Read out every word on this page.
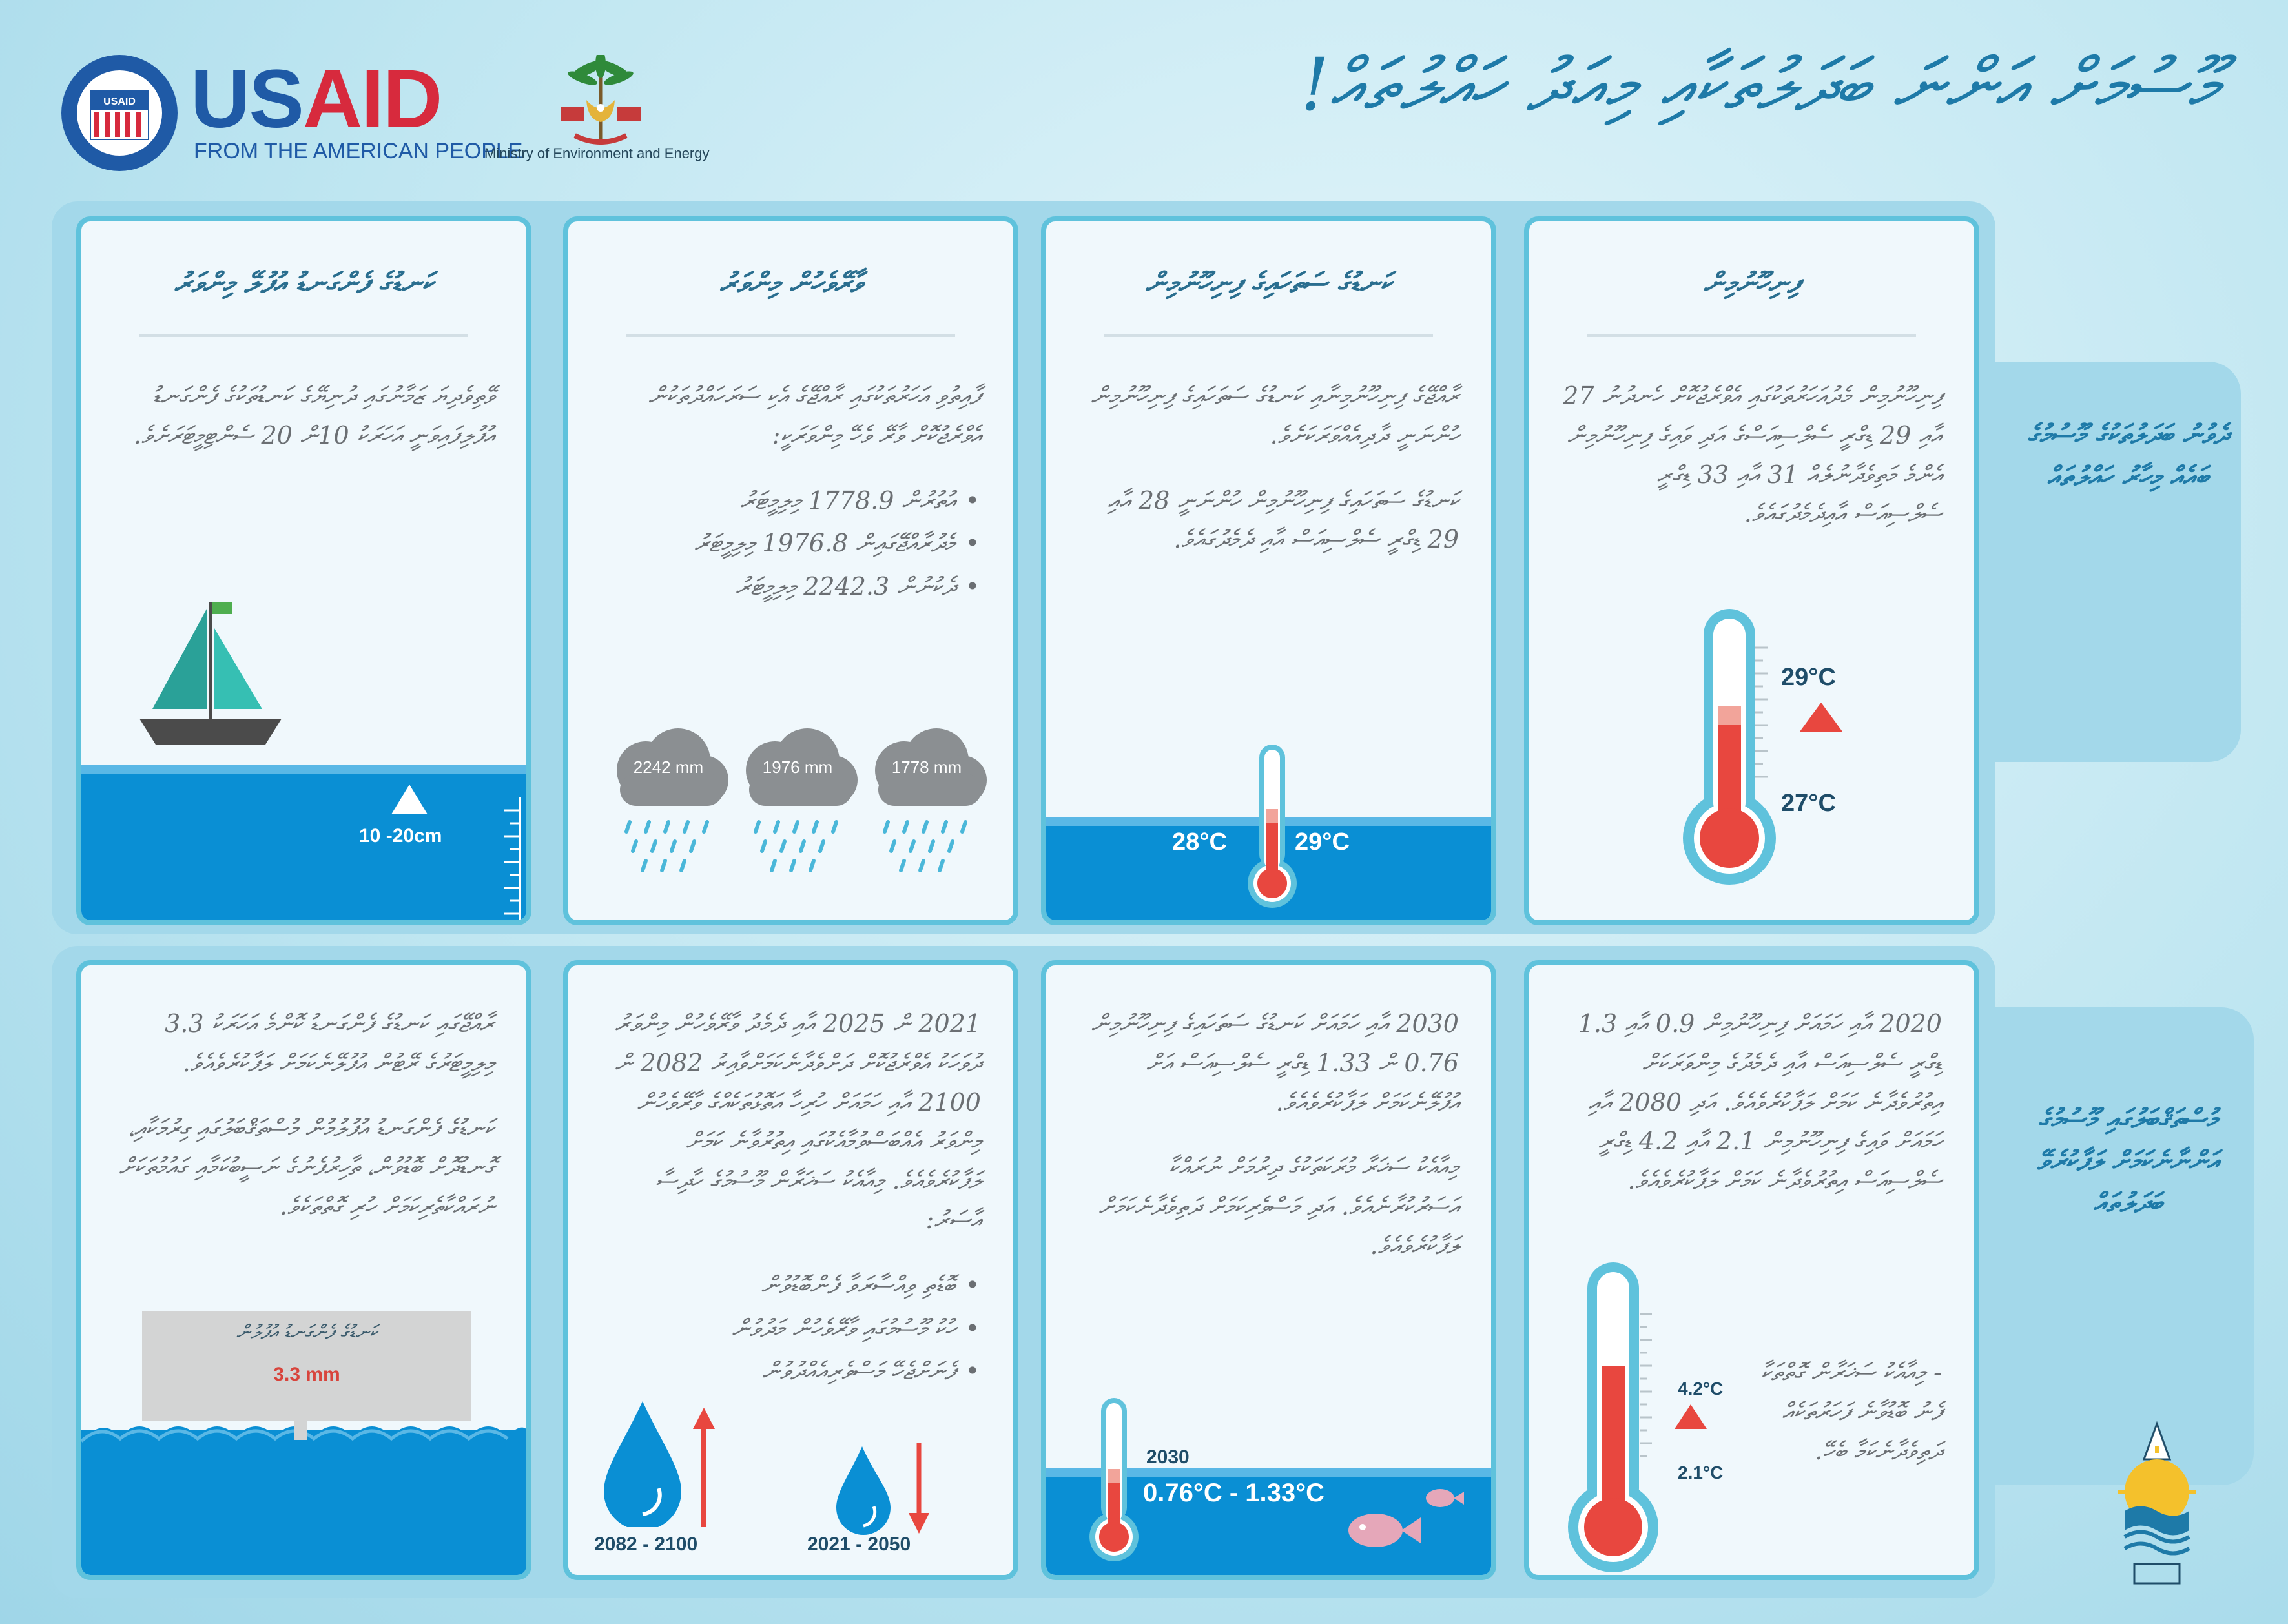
USAID USAID
FROM THE AMERICAN PEOPLE
Ministry of Environment and Energy
މޫސުމަށް އަންނަ ބަދަލުތަކާއި މިއަދު ހައްލުތައް!
ދެވުނު ބަދަލުތަކުގެ މޫސުމުގެ ބައެއް މިހާރު ހައްލުތައް
މުސްތަޤްބަލުގައި މޫސުމުގެ އަންނާނެކަމަށް ލަފާކުރެވޭ ބަދަލުތައް
ފިނިހޫނުމިން

ފިނިހޫނުމިން މެދުއަހަރުތަކުގައި އެވްރެޖުކޮށް ހެނދުނު 27 އާއި 29 ޑިގްރީ ސެލްސިއަސްގެ އަދި ވައިގެ ފިނިހޫނުމިން އެންމެ މަތިވެދާނުލެއް 31 އާއި 33 ޑިގްރީ ސެލްސިއަސް އާއިދެމެދުގައެވެ.

29°C
27°C
ކަނޑުގެ ސަތަހައިގެ ފިނިހޫނުމިން

ރާއްޖޭގެ ފިނިހޫނުމިނާއި ކަނޑުގެ ސަތަހައިގެ ފިނިހޫނުމިން ހުންނަނީ ދާދިއެއްވަރަކަށެވެ.

ކަނޑުގެ ސަތަހައިގެ ފިނިހޫނުމިން ހުންނަނީ 28 އާއި 29 ޑިގްރީ ސެލްސިއަސް އާއި ދެމެދުގައެވެ.

28°C	29°C
ވާރޭވެހުން މިންވަރު

ފާއިތުވި އަހަރުތަކުގައި ރާއްޖޭގެ އެކި ސަރަހައްދުތަކުން އެވްރެޖުކޮށް ވާރޭ ވެހޭ މިންވަރަކީ:

• އުތުރުން 1778.9 މިލިމީޓަރު
• މެދުރާއްޖޭގައިން 1976.8 މިލިމީޓަރު
• ދެކުނުން 2242.3 މިލިމީޓަރު
2242 mm	1976 mm	1778 mm
ކަނޑުގެ ފެންގަނޑު އުފުލޭ މިންވަރު

ވޭތިވެދިޔަ ޒަމާނުގައި ދުނިޔޭގެ ކަނޑުތަކުގެ ފެންގަނޑު އުފުލިފައިވަނީ އަހަރަކު 10ން 20 ސެންޓިމީޓަރަށެވެ.

10 -20cm

2020 އާއި ހަމައަށް ފިނިހޫނުމިން 0.9 އާއި 1.3 ޑިގްރީ ސެލްސިއަސް އާއި ދެމެދުގެ މިންވަރަކަށް އިތުރުވެދާނެ ކަމަށް ލަފާކުރެވެއެވެ. އަދި 2080 އާއި ހަމައަށް ވައިގެ ފިނިހޫނުމިން 2.1 އާއި 4.2 ޑިގްރީ ސެލްސިއަސް އިތުރުވެދާނެ ކަމަށް ލަފާކުރެވެއެވެ.

- މިއާއެކު ސަޚަރާން ގޮތްތަކާ ފެނު ބޮޑުވާނެ ފަހަރުތަކެއް ދަތިވެދާނެކަމާ ބެހޭ.

4.2°C
2.1°C

2030 އާއި ހަމައަށް ކަނޑުގެ ސަތަހައިގެ ފިނިހޫނުމިން 0.76 ން 1.33 ޑިގްރީ ސެލްސިއަސް އަށް އުފުލޭނެކަމަށް ލަފާކުރެވެއެވެ.

މިއާއެކު ސަޚަރާ މުރަކަތަކުގެ ދިރުމަށް ނުރައްކާ އަސަރުކުރާނެއެވެ. އަދި މަސްވެރިކަމަށް ދަތިވެދާނެކަމަށް ލަފާކުރެވެއެވެ.

2030
0.76°C - 1.33°C

2021 ން 2025 އާއި ދެމެދު ވާރޭވެހުން މިންވަރު ދުވަހަކު އެވްރެޖުކޮށް ދަށްވެދާނެކަމަށްވާއިރު 2082 ން 2100 އާއި ހަމައަށް ހުރިހާ އަތޮޅުތަކެއްގެ ވާރޭވެހުން މިންވަރު އެއްބަސްވުމާއެކުގައި އިތުރުވާނެ ކަމަށް ލަފާކުރެވެއެވެ. މިއާއެކު ސަޚަރާން މޫސުމުގެ ހާދިސާ އާސަރު:

• ބޮޑެތި ވިއްސާރަވާ ފެންބޮޑުވުން
• ހުކު މޫސުމުގައި ވާރޭވެހުން މަދުވުން
• ފެނަށްޖެހޭ މަސްވެރިއެއްދުވުން
2082 - 2100	2021 - 2050

ރާއްޖޭގައި ކަނޑުގެ ފެންގަނޑު ކޮންމެ އަހަރަކު 3.3 މިލިމީޓަރުގެ ރޭޓުން އުފުލޭނެކަމަށް ލަފާކުރެވެއެވެ.

ކަނޑުގެ ފެންގަނޑު އުފުލުމުން މުސްތަޤްބަލުގައި ގިރުމަކާއި، ގޮނޑުދޮށް ބޮޑުވުން، ތާހިރުފެނުގެ ނަސީބުކަމާއި ގައުމުތަކަށް ނުރައްކާތެރިކަމަށް ހުރި ގޮތްތަކެވެ.

ކަނޑުގެ ފެންގަނޑު އުފުލުން
3.3 mm
